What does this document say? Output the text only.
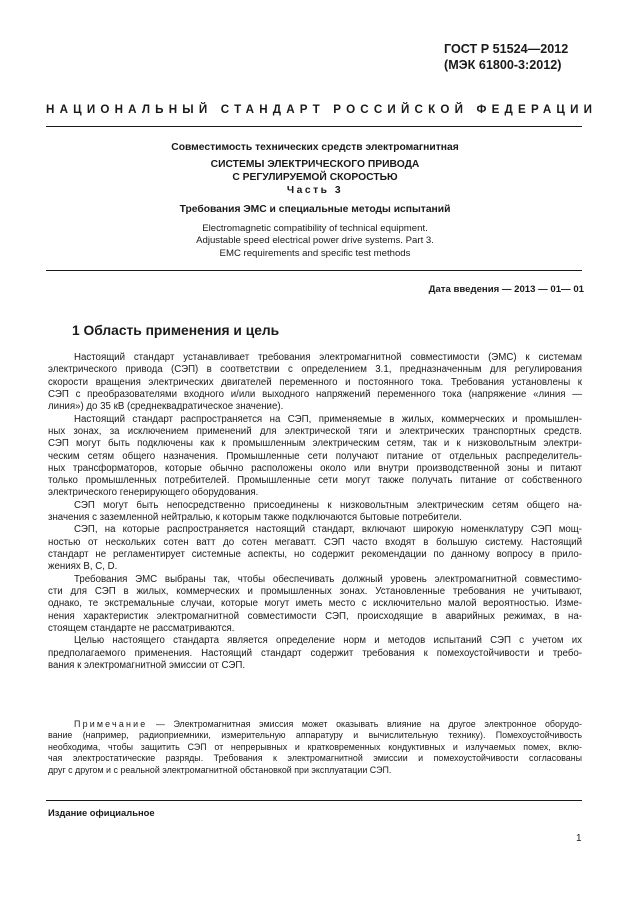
ГОСТ Р 51524—2012
(МЭК 61800-3:2012)
НАЦИОНАЛЬНЫЙ СТАНДАРТ РОССИЙСКОЙ ФЕДЕРАЦИИ
Совместимость технических средств электромагнитная
СИСТЕМЫ ЭЛЕКТРИЧЕСКОГО ПРИВОДА
С РЕГУЛИРУЕМОЙ СКОРОСТЬЮ
Часть 3
Требования ЭМС и специальные методы испытаний
Electromagnetic compatibility of technical equipment.
Adjustable speed electrical power drive systems. Part 3.
EMC requirements and specific test methods
Дата введения — 2013 — 01— 01
1 Область применения и цель

Настоящий стандарт устанавливает требования электромагнитной совместимости (ЭМС) к системам

электрического привода (СЭП) в соответствии с определением 3.1, предназначенным для регулирования

скорости вращения электрических двигателей переменного и постоянного тока. Требования установлены к

СЭП с преобразователями входного и/или выходного напряжений переменного тока (напряжение «линия —

линия») до 35 кВ (среднеквадратическое значение).

Настоящий стандарт распространяется на СЭП, применяемые в жилых, коммерческих и промышлен-

ных зонах, за исключением применений для электрической тяги и электрических транспортных средств.

СЭП могут быть подключены как к промышленным электрическим сетям, так и к низковольтным электри-

ческим сетям общего назначения. Промышленные сети получают питание от отдельных распределитель-

ных трансформаторов, которые обычно расположены около или внутри производственной зоны и питают

только промышленных потребителей. Промышленные сети могут также получать питание от собственного

электрического генерирующего оборудования.

СЭП могут быть непосредственно присоединены к низковольтным электрическим сетям общего на-

значения с заземленной нейтралью, к которым также подключаются бытовые потребители.

СЭП, на которые распространяется настоящий стандарт, включают широкую номенклатуру СЭП мощ-

ностью от нескольких сотен ватт до сотен мегаватт. СЭП часто входят в большую систему. Настоящий

стандарт не регламентирует системные аспекты, но содержит рекомендации по данному вопросу в прило-

жениях В, С, D.

Требования ЭМС выбраны так, чтобы обеспечивать должный уровень электромагнитной совместимо-

сти для СЭП в жилых, коммерческих и промышленных зонах. Установленные требования не учитывают,

однако, те экстремальные случаи, которые могут иметь место с исключительно малой вероятностью. Изме-

нения характеристик электромагнитной совместимости СЭП, происходящие в аварийных режимах, в на-

стоящем стандарте не рассматриваются.

Целью настоящего стандарта является определение норм и методов испытаний СЭП с учетом их

предполагаемого применения. Настоящий стандарт содержит требования к помехоустойчивости и требо-

вания к электромагнитной эмиссии от СЭП.

Примечание — Электромагнитная эмиссия может оказывать влияние на другое электронное оборудо-

вание (например, радиоприемники, измерительную аппаратуру и вычислительную технику). Помехоустойчивость

необходима, чтобы защитить СЭП от непрерывных и кратковременных кондуктивных и излучаемых помех, вклю-

чая электростатические разряды. Требования к электромагнитной эмиссии и помехоустойчивости согласованы

друг с другом и с реальной электромагнитной обстановкой при эксплуатации СЭП.

Издание официальное
1
